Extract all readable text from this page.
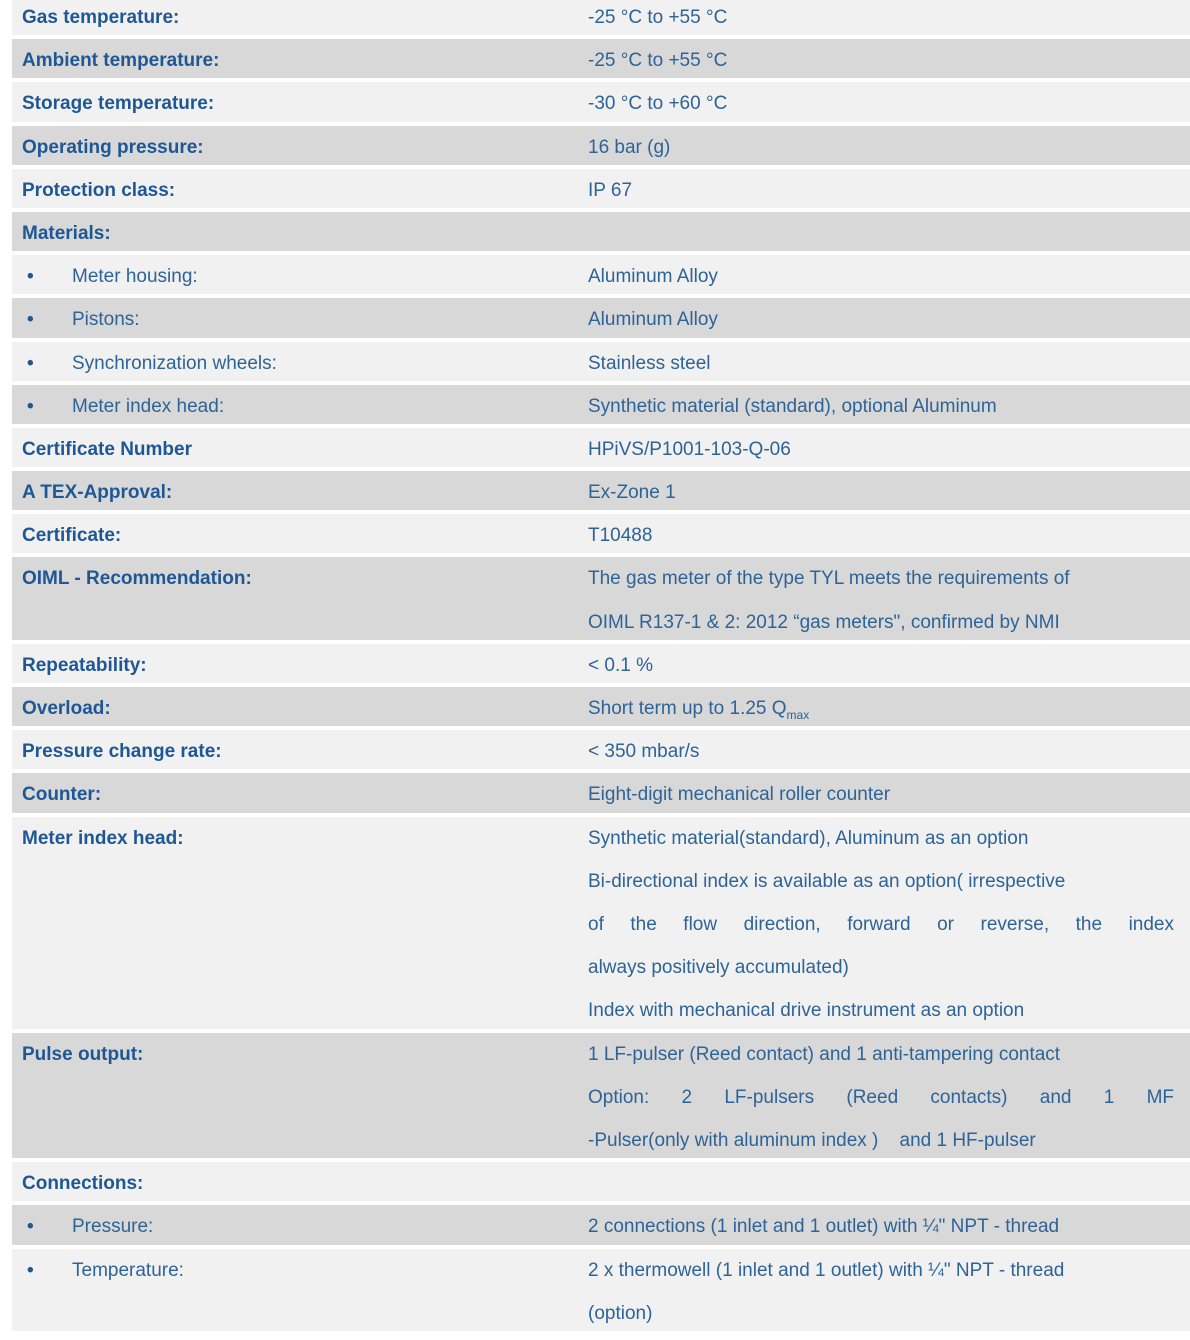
Gas temperature:	-25 °C to +55 °C
Ambient temperature:	-25 °C to +55 °C
Storage temperature:	-30 °C to +60 °C
Operating pressure:	16 bar (g)
Protection class:	IP 67
Materials:
• Meter housing:	Aluminum Alloy
• Pistons:	Aluminum Alloy
• Synchronization wheels:	Stainless steel
• Meter index head:	Synthetic material (standard), optional Aluminum
Certificate Number	HPiVS/P1001-103-Q-06
A TEX-Approval:	Ex-Zone 1
Certificate:	T10488
OIML - Recommendation:	The gas meter of the type TYL meets the requirements of
OIML R137-1 & 2: 2012 “gas meters", confirmed by NMI
Repeatability:	< 0.1 %
Overload:	Short term up to 1.25 $Q_{max}$
Pressure change rate:	< 350 mbar/s
Counter:	Eight-digit mechanical roller counter
Meter index head:	Synthetic material(standard), Aluminum as an option
Bi-directional index is available as an option( irrespective
of the flow direction, forward or reverse, the index
always positively accumulated)
Index with mechanical drive instrument as an option
Pulse output:	1 LF-pulser (Reed contact) and 1 anti-tampering contact
Option: 2 LF-pulsers (Reed contacts) and 1 MF
-Pulser(only with aluminum index )    and 1 HF-pulser
Connections:
• Pressure:	2 connections (1 inlet and 1 outlet) with ¼" NPT - thread
• Temperature:	2 x thermowell (1 inlet and 1 outlet) with ¼" NPT - thread
(option)
